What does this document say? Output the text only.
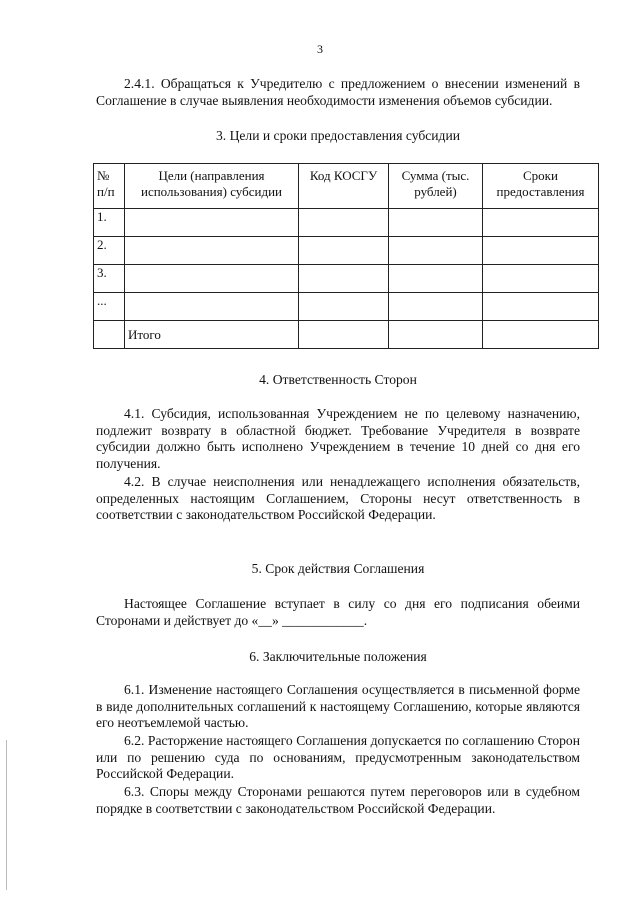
3
2.4.1. Обращаться к Учредителю с предложением о внесении изменений в Соглашение в случае выявления необходимости изменения объемов субсидии.
3. Цели и сроки предоставления субсидии
№ п/п	Цели (направления использования) субсидии	Код КОСГУ	Сумма (тыс. рублей)	Сроки предоставления
1.				
2.				
3.				
...				
	Итого			
4. Ответственность Сторон
4.1. Субсидия, использованная Учреждением не по целевому назначению, подлежит возврату в областной бюджет. Требование Учредителя в возврате субсидии должно быть исполнено Учреждением в течение 10 дней со дня его получения.
4.2. В случае неисполнения или ненадлежащего исполнения обязательств, определенных настоящим Соглашением, Стороны несут ответственность в соответствии с законодательством Российской Федерации.
5. Срок действия Соглашения
Настоящее Соглашение вступает в силу со дня его подписания обеими Сторонами и действует до «__» ____________.
6. Заключительные положения
6.1. Изменение настоящего Соглашения осуществляется в письменной форме в виде дополнительных соглашений к настоящему Соглашению, которые являются его неотъемлемой частью.
6.2. Расторжение настоящего Соглашения допускается по соглашению Сторон или по решению суда по основаниям, предусмотренным законодательством Российской Федерации.
6.3. Споры между Сторонами решаются путем переговоров или в судебном порядке в соответствии с законодательством Российской Федерации.
